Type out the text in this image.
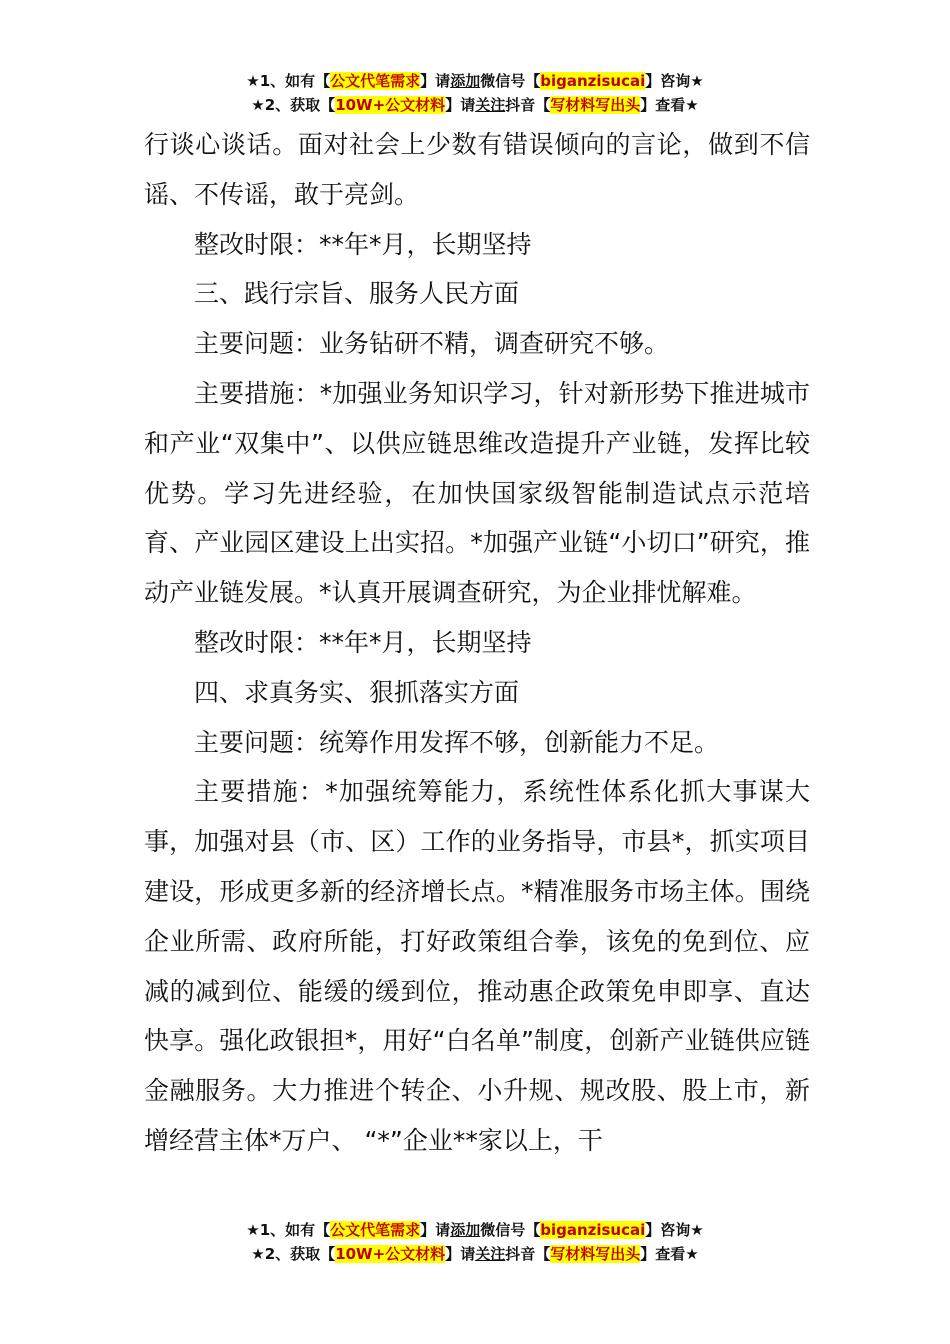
★1、如有【公文代笔需求】请添加微信号【biganzisucai】咨询★
★2、获取【10W+公文材料】请关注抖音【写材料写出头】查看★

行谈心谈话。面对社会上少数有错误倾向的言论，做到不信谣、不传谣，敢于亮剑。

整改时限：**年*月，长期坚持

三、践行宗旨、服务人民方面

主要问题：业务钻研不精，调查研究不够。

主要措施：*加强业务知识学习，针对新形势下推进城市和产业“双集中”、以供应链思维改造提升产业链，发挥比较优势。学习先进经验，在加快国家级智能制造试点示范培育、产业园区建设上出实招。*加强产业链“小切口”研究，推动产业链发展。*认真开展调查研究，为企业排忧解难。

整改时限：**年*月，长期坚持

四、求真务实、狠抓落实方面

主要问题：统筹作用发挥不够，创新能力不足。

主要措施：*加强统筹能力，系统性体系化抓大事谋大事，加强对县（市、区）工作的业务指导，市县*，抓实项目建设，形成更多新的经济增长点。*精准服务市场主体。围绕企业所需、政府所能，打好政策组合拳，该免的免到位、应减的减到位、能缓的缓到位，推动惠企政策免申即享、直达快享。强化政银担*，用好“白名单”制度，创新产业链供应链金融服务。大力推进个转企、小升规、规改股、股上市，新增经营主体*万户、 “*”企业**家以上，干

★1、如有【公文代笔需求】请添加微信号【biganzisucai】咨询★
★2、获取【10W+公文材料】请关注抖音【写材料写出头】查看★
